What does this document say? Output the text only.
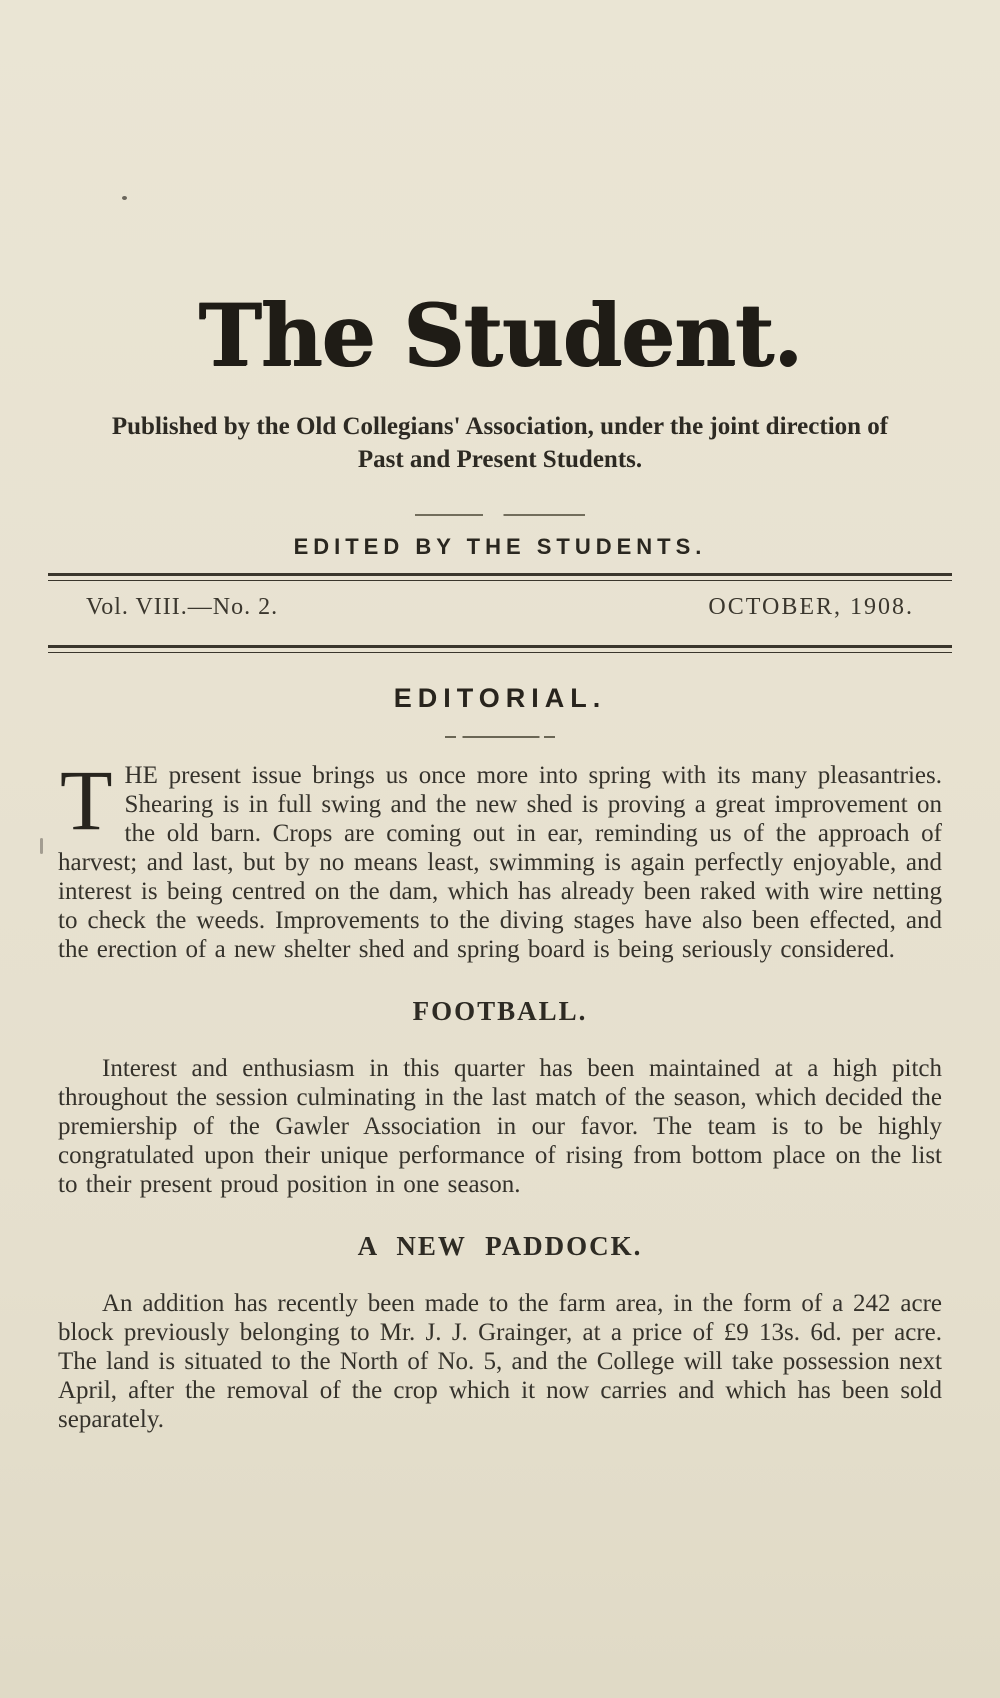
The Student.

Published by the Old Collegians' Association, under the joint direction of Past and Present Students.

EDITED BY THE STUDENTS.
Vol. VIII.—No. 2.	OCTOBER, 1908.
EDITORIAL.

THE present issue brings us once more into spring with its many pleasantries. Shearing is in full swing and the new shed is proving a great improvement on the old barn. Crops are coming out in ear, reminding us of the approach of harvest; and last, but by no means least, swimming is again perfectly enjoyable, and interest is being centred on the dam, which has already been raked with wire netting to check the weeds. Improvements to the diving stages have also been effected, and the erection of a new shelter shed and spring board is being seriously considered.

FOOTBALL.

Interest and enthusiasm in this quarter has been maintained at a high pitch throughout the session culminating in the last match of the season, which decided the premiership of the Gawler Association in our favor. The team is to be highly congratulated upon their unique performance of rising from bottom place on the list to their present proud position in one season.

A NEW PADDOCK.

An addition has recently been made to the farm area, in the form of a 242 acre block previously belonging to Mr. J. J. Grainger, at a price of £9 13s. 6d. per acre. The land is situated to the North of No. 5, and the College will take possession next April, after the removal of the crop which it now carries and which has been sold separately.
